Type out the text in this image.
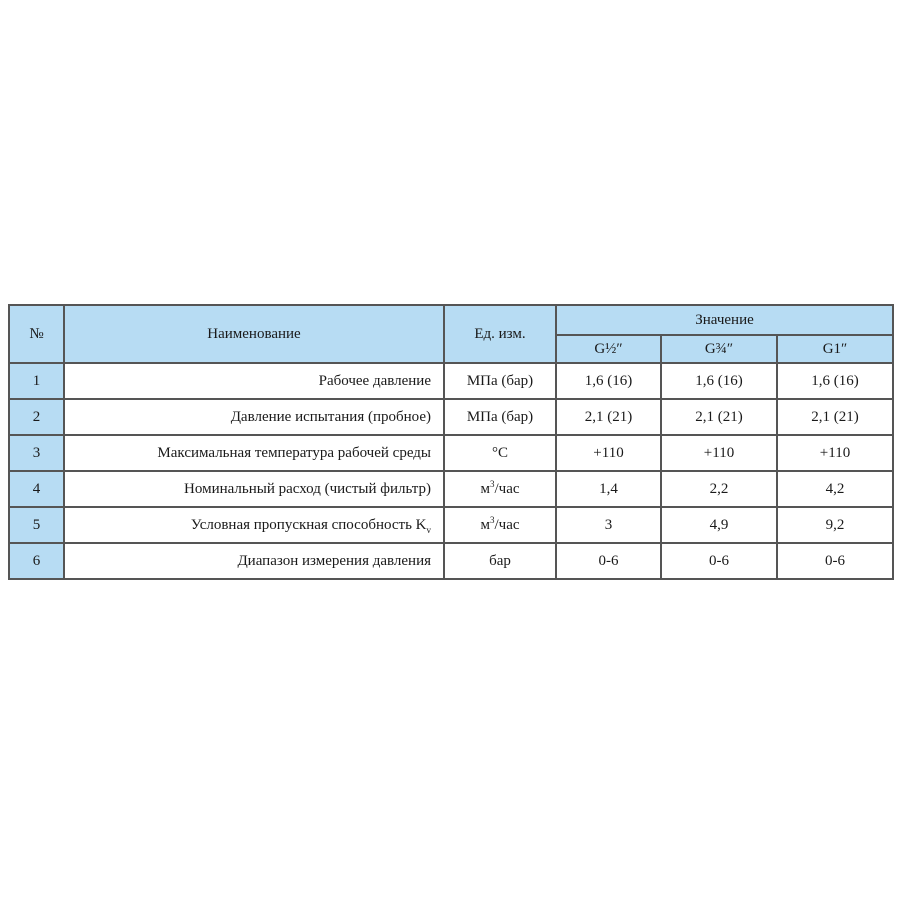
№	Наименование	Ед. изм.	Значение		
			G½″	G¾″	G1″
1	Рабочее давление	МПа (бар)	1,6 (16)	1,6 (16)	1,6 (16)
2	Давление испытания (пробное)	МПа (бар)	2,1 (21)	2,1 (21)	2,1 (21)
3	Максимальная температура рабочей среды	°С	+110	+110	+110
4	Номинальный расход (чистый фильтр)	$м^3$/час	1,4	2,2	4,2
5	Условная пропускная способность $K_v$	$м^3$/час	3	4,9	9,2
6	Диапазон измерения давления	бар	0-6	0-6	0-6
